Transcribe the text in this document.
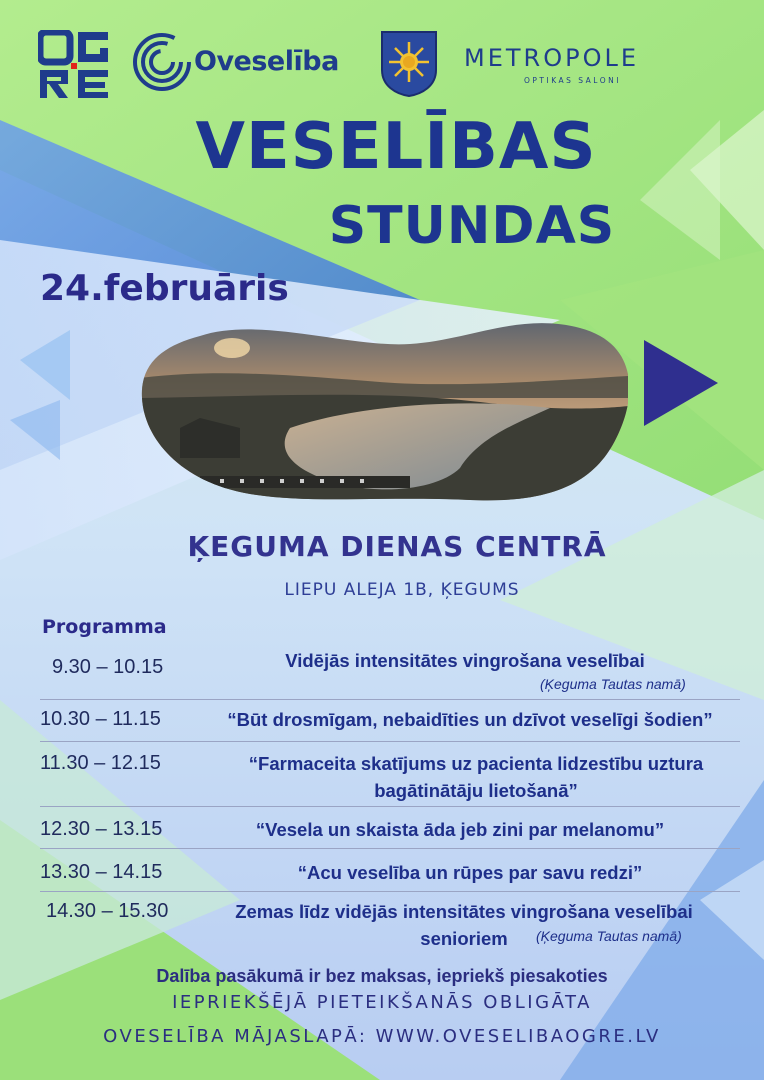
Oveselība	METROPOLE
OPTIKAS SALONI
VESELĪBAS
STUNDAS
24.februāris
ĶEGUMA DIENAS CENTRĀ
LIEPU ALEJA 1B, ĶEGUMS
Programma
9.30 – 10.15	Vidējās intensitātes vingrošana veselībai
(Ķeguma Tautas namā)
10.30 – 11.15	“Būt drosmīgam, nebaidīties un dzīvot veselīgi šodien”
11.30 – 12.15	“Farmaceita skatījums uz pacienta lidzestību uztura bagātinātāju lietošanā”
12.30 – 13.15	“Vesela un skaista āda jeb zini par melanomu”
13.30 – 14.15	“Acu veselība un rūpes par savu redzi”
14.30 – 15.30	Zemas līdz vidējās intensitātes vingrošana veselībai senioriem	(Ķeguma Tautas namā)
Dalība pasākumā ir bez maksas, iepriekš piesakoties
IEPRIEKŠĒJĀ PIETEIKŠANĀS OBLIGĀTA
OVESELĪBA MĀJASLAPĀ: WWW.OVESELIBAOGRE.LV
